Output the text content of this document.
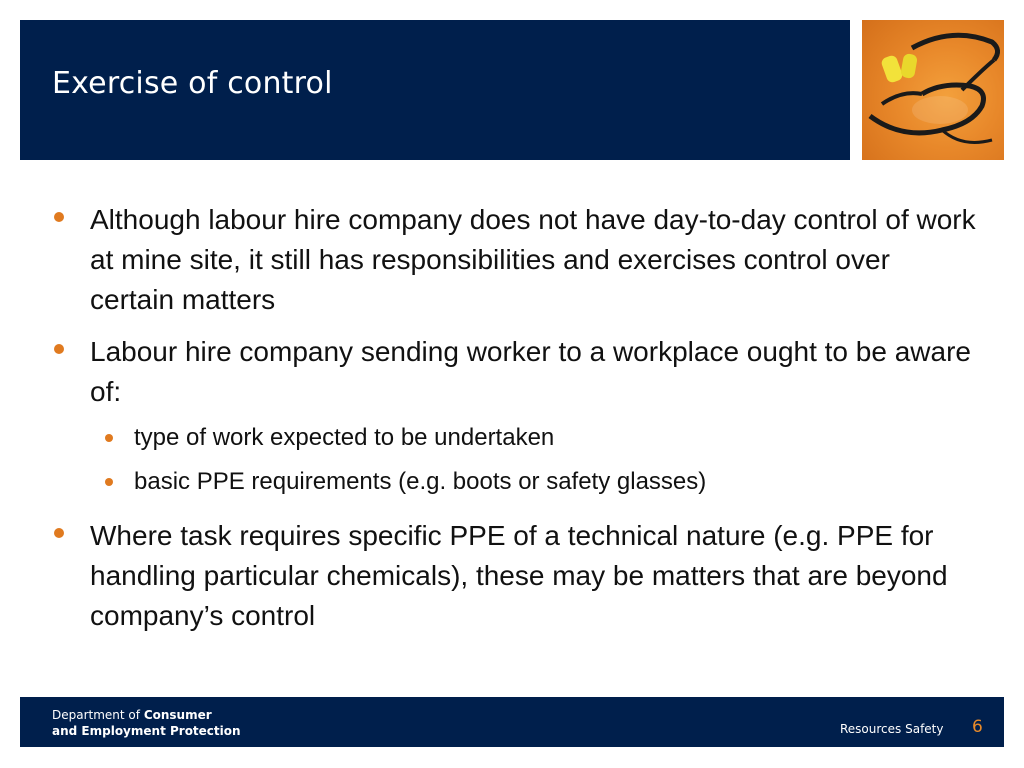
Exercise of control
Although labour hire company does not have day-to-day control of work at mine site, it still has responsibilities and exercises control over certain matters
Labour hire company sending worker to a workplace ought to be aware of:
type of work expected to be undertaken
basic PPE requirements (e.g. boots or safety glasses)
Where task requires specific PPE of a technical nature (e.g. PPE for handling particular chemicals), these may be matters that are beyond company’s control
Department of Consumer
and Employment Protection	Resources Safety 6
